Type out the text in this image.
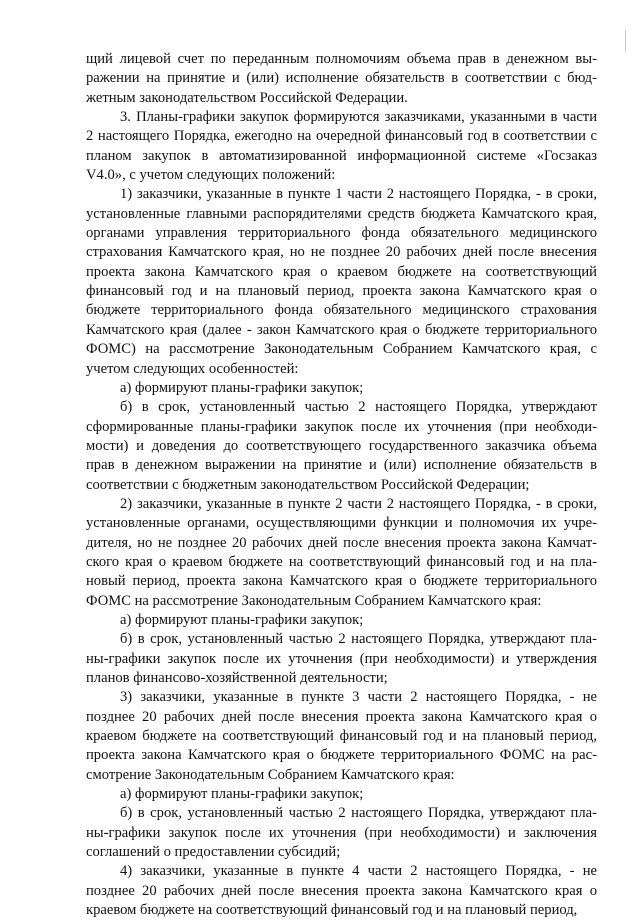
щий лицевой счет по переданным полномочиям объема прав в денежном выражении на принятие и (или) исполнение обязательств в соответствии с бюджетным законодательством Российской Федерации.

3. Планы-графики закупок формируются заказчиками, указанными в части 2 настоящего Порядка, ежегодно на очередной финансовый год в соответствии с планом закупок в автоматизированной информационной системе «Госзаказ V4.0», с учетом следующих положений:

1) заказчики, указанные в пункте 1 части 2 настоящего Порядка, - в сроки, установленные главными распорядителями средств бюджета Камчатского края, органами управления территориального фонда обязательного медицинского страхования Камчатского края, но не позднее 20 рабочих дней после внесения проекта закона Камчатского края о краевом бюджете на соответствующий финансовый год и на плановый период, проекта закона Камчатского края о бюджете территориального фонда обязательного медицинского страхования Камчатского края (далее - закон Камчатского края о бюджете территориального ФОМС) на рассмотрение Законодательным Собранием Камчатского края, с учетом следующих особенностей:

а) формируют планы-графики закупок;

б) в срок, установленный частью 2 настоящего Порядка, утверждают сформированные планы-графики закупок после их уточнения (при необходимости) и доведения до соответствующего государственного заказчика объема прав в денежном выражении на принятие и (или) исполнение обязательств в соответствии с бюджетным законодательством Российской Федерации;

2) заказчики, указанные в пункте 2 части 2 настоящего Порядка, - в сроки, установленные органами, осуществляющими функции и полномочия их учредителя, но не позднее 20 рабочих дней после внесения проекта закона Камчатского края о краевом бюджете на соответствующий финансовый год и на плановый период, проекта закона Камчатского края о бюджете территориального ФОМС на рассмотрение Законодательным Собранием Камчатского края:

а) формируют планы-графики закупок;

б) в срок, установленный частью 2 настоящего Порядка, утверждают планы-графики закупок после их уточнения (при необходимости) и утверждения планов финансово-хозяйственной деятельности;

3) заказчики, указанные в пункте 3 части 2 настоящего Порядка, - не позднее 20 рабочих дней после внесения проекта закона Камчатского края о краевом бюджете на соответствующий финансовый год и на плановый период, проекта закона Камчатского края о бюджете территориального ФОМС на рассмотрение Законодательным Собранием Камчатского края:

а) формируют планы-графики закупок;

б) в срок, установленный частью 2 настоящего Порядка, утверждают планы-графики закупок после их уточнения (при необходимости) и заключения соглашений о предоставлении субсидий;

4) заказчики, указанные в пункте 4 части 2 настоящего Порядка, - не позднее 20 рабочих дней после внесения проекта закона Камчатского края о краевом бюджете на соответствующий финансовый год и на плановый период,
